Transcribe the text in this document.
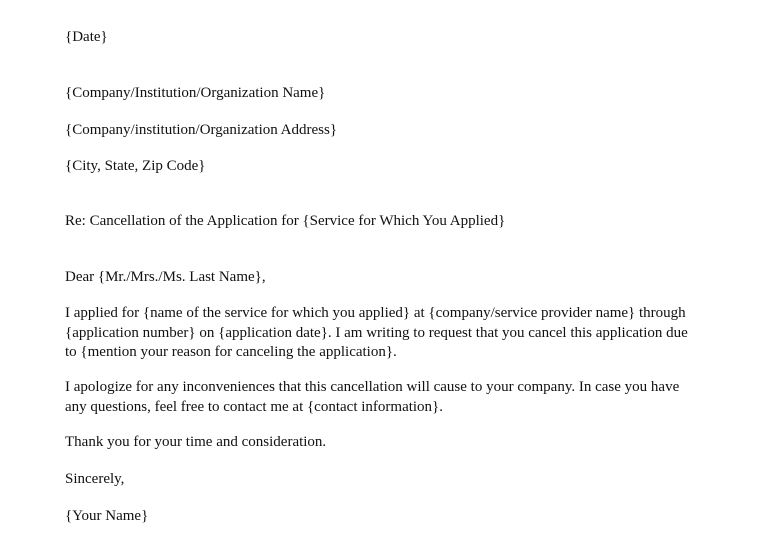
{Date}
{Company/Institution/Organization Name}
{Company/institution/Organization Address}
{City, State, Zip Code}
Re: Cancellation of the Application for {Service for Which You Applied}
Dear {Mr./Mrs./Ms. Last Name},
I applied for {name of the service for which you applied} at {company/service provider name} through
{application number} on {application date}. I am writing to request that you cancel this application due
to {mention your reason for canceling the application}.
I apologize for any inconveniences that this cancellation will cause to your company. In case you have
any questions, feel free to contact me at {contact information}.
Thank you for your time and consideration.
Sincerely,
{Your Name}
